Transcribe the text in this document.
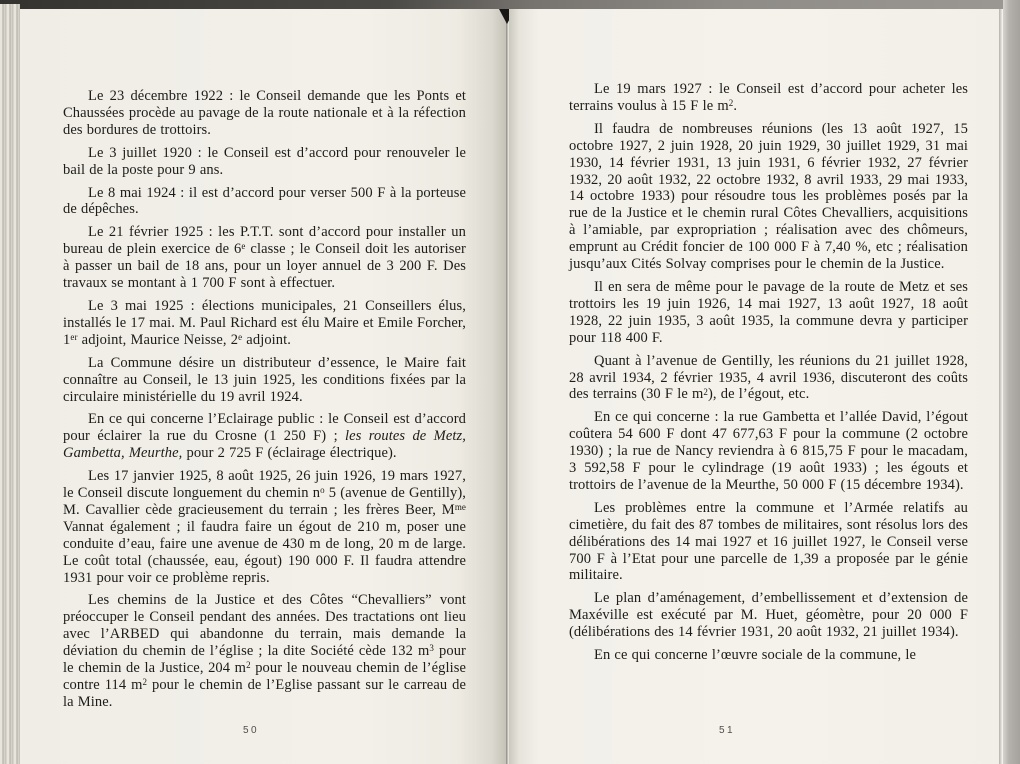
Le 23 décembre 1922 : le Conseil demande que les Ponts et Chaussées procède au pavage de la route nationale et à la réfection des bordures de trottoirs.

Le 3 juillet 1920 : le Conseil est d’accord pour renouveler le bail de la poste pour 9 ans.

Le 8 mai 1924 : il est d’accord pour verser 500 F à la porteuse de dépêches.

Le 21 février 1925 : les P.T.T. sont d’accord pour installer un bureau de plein exercice de 6e classe ; le Conseil doit les autoriser à passer un bail de 18 ans, pour un loyer annuel de 3 200 F. Des travaux se montant à 1 700 F sont à effectuer.

Le 3 mai 1925 : élections municipales, 21 Conseillers élus, installés le 17 mai. M. Paul Richard est élu Maire et Emile Forcher, 1er adjoint, Maurice Neisse, 2e adjoint.

La Commune désire un distributeur d’essence, le Maire fait connaître au Conseil, le 13 juin 1925, les conditions fixées par la circulaire ministérielle du 19 avril 1924.

En ce qui concerne l’Eclairage public : le Conseil est d’accord pour éclairer la rue du Crosne (1 250 F) ; les routes de Metz, Gambetta, Meurthe, pour 2 725 F (éclairage électrique).

Les 17 janvier 1925, 8 août 1925, 26 juin 1926, 19 mars 1927, le Conseil discute longuement du chemin $n^o$ 5 (avenue de Gentilly), M. Cavallier cède gracieusement du terrain ; les frères Beer, $M^{me}$ Vannat également ; il faudra faire un égout de 210 m, poser une conduite d’eau, faire une avenue de 430 m de long, 20 m de large. Le coût total (chaussée, eau, égout) 190 000 F. Il faudra attendre 1931 pour voir ce problème repris.

Les chemins de la Justice et des Côtes “Chevalliers” vont préoccuper le Conseil pendant des années. Des tractations ont lieu avec l’ARBED qui abandonne du terrain, mais demande la déviation du chemin de l’église ; la dite Société cède 132 $m^3$ pour le chemin de la Justice, 204 $m^2$ pour le nouveau chemin de l’église contre 114 $m^2$ pour le chemin de l’Eglise passant sur le carreau de la Mine.

50

Le 19 mars 1927 : le Conseil est d’accord pour acheter les terrains voulus à 15 F le $m^2$.

Il faudra de nombreuses réunions (les 13 août 1927, 15 octobre 1927, 2 juin 1928, 20 juin 1929, 30 juillet 1929, 31 mai 1930, 14 février 1931, 13 juin 1931, 6 février 1932, 27 février 1932, 20 août 1932, 22 octobre 1932, 8 avril 1933, 29 mai 1933, 14 octobre 1933) pour résoudre tous les problèmes posés par la rue de la Justice et le chemin rural Côtes Chevalliers, acquisitions à l’amiable, par expropriation ; réalisation avec des chômeurs, emprunt au Crédit foncier de 100 000 F à 7,40 %, etc ; réalisation jusqu’aux Cités Solvay comprises pour le chemin de la Justice.

Il en sera de même pour le pavage de la route de Metz et ses trottoirs les 19 juin 1926, 14 mai 1927, 13 août 1927, 18 août 1928, 22 juin 1935, 3 août 1935, la commune devra y participer pour 118 400 F.

Quant à l’avenue de Gentilly, les réunions du 21 juillet 1928, 28 avril 1934, 2 février 1935, 4 avril 1936, discuteront des coûts des terrains (30 F le $m^2$), de l’égout, etc.

En ce qui concerne : la rue Gambetta et l’allée David, l’égout coûtera 54 600 F dont 47 677,63 F pour la commune (2 octobre 1930) ; la rue de Nancy reviendra à 6 815,75 F pour le macadam, 3 592,58 F pour le cylindrage (19 août 1933) ; les égouts et trottoirs de l’avenue de la Meurthe, 50 000 F (15 décembre 1934).

Les problèmes entre la commune et l’Armée relatifs au cimetière, du fait des 87 tombes de militaires, sont résolus lors des délibérations des 14 mai 1927 et 16 juillet 1927, le Conseil verse 700 F à l’Etat pour une parcelle de 1,39 a proposée par le génie militaire.

Le plan d’aménagement, d’embellissement et d’extension de Maxéville est exécuté par M. Huet, géomètre, pour 20 000 F (délibérations des 14 février 1931, 20 août 1932, 21 juillet 1934).

En ce qui concerne l’œuvre sociale de la commune, le

51
